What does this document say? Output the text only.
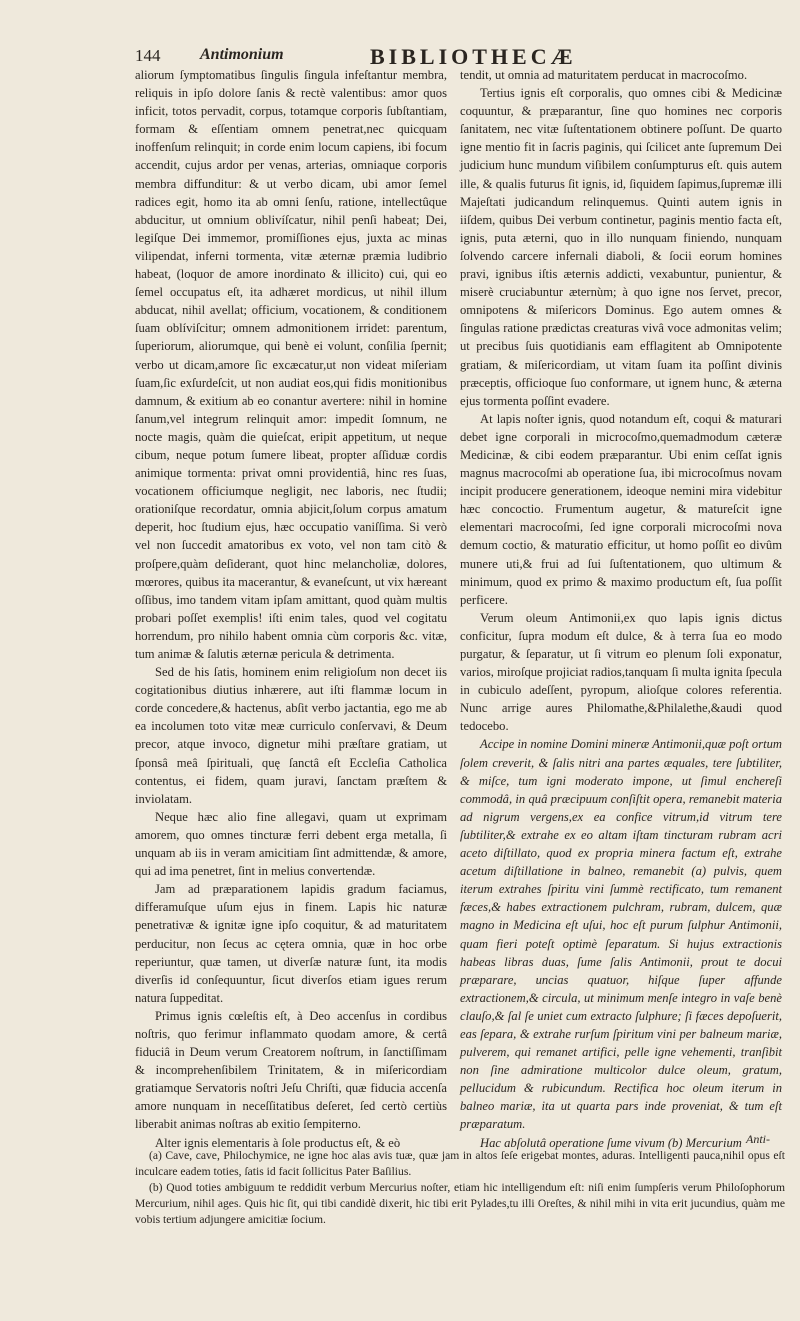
144 Antimonium	BIBLIOTHECÆ

aliorum ſymptomatibus ſingulis ſingula infeſtantur membra, reliquis in ipſo dolore ſanis & rectè valentibus: amor quos inficit, totos pervadit, corpus, totamque corporis ſubſtantiam, formam & eſſentiam omnem penetrat,nec quicquam inoffenſum relinquit; in corde enim locum capiens, ibi focum accendit, cujus ardor per venas, arterias, omniaque corporis membra diffunditur: & ut verbo dicam, ubi amor ſemel radices egit, homo ita ab omni ſenſu, ratione, intellectûque abducitur, ut omnium oblivíſcatur, nihil penſi habeat; Dei, legiſque Dei immemor, promiſſiones ejus, juxta ac minas vilipendat, inferni tormenta, vitæ æternæ præmia ludibrio habeat, (loquor de amore inordinato & illicito) cui, qui eo ſemel occupatus eſt, ita adhæret mordicus, ut nihil illum abducat, nihil avellat; officium, vocationem, & conditionem ſuam oblíviſcitur; omnem admonitionem irridet: parentum, ſuperiorum, aliorumque, qui benè ei volunt, conſilia ſpernit; verbo ut dicam,amore ſic excæcatur,ut non videat miſeriam ſuam,ſic exſurdeſcit, ut non audiat eos,qui fidis monitionibus damnum, & exitium ab eo conantur avertere: nihil in homine ſanum,vel integrum relinquit amor: impedit ſomnum, ne nocte magis, quàm die quieſcat, eripit appetitum, ut neque cibum, neque potum ſumere libeat, propter aſſiduæ cordis animique tormenta: privat omni providentiâ, hinc res ſuas, vocationem officiumque negligit, nec laboris, nec ſtudii; orationiſque recordatur, omnia abjicit,ſolum corpus amatum deperit, hoc ſtudium ejus, hæc occupatio vaniſſima. Si verò vel non ſuccedit amatoribus ex voto, vel non tam citò & proſpere,quàm deſiderant, quot hinc melancholiæ, dolores, mœrores, quibus ita macerantur, & evaneſcunt, ut vix hæreant oſſibus, imo tandem vitam ipſam amittant, quod quàm multis probari poſſet exemplis! iſti enim tales, quod vel cogitatu horrendum, pro nihilo habent omnia cùm corporis &c. vitæ, tum animæ & ſalutis æternæ pericula & detrimenta.

Sed de his ſatis, hominem enim religioſum non decet iis cogitationibus diutius inhærere, aut iſti flammæ locum in corde concedere,& hactenus, abſit verbo jactantia, ego me ab ea incolumen toto vitæ meæ curriculo conſervavi, & Deum precor, atque invoco, dignetur mihi præſtare gratiam, ut ſponsâ meâ ſpirituali, quę ſanctâ eſt Eccleſia Catholica contentus, ei fidem, quam juravi, ſanctam præſtem & inviolatam.

Neque hæc alio fine allegavi, quam ut exprimam amorem, quo omnes tincturæ ferri debent erga metalla, ſi unquam ab iis in veram amicitiam ſint admittendæ, & amore, qui ad ima penetret, ſint in melius convertendæ.

Jam ad præparationem lapidis gradum faciamus, differamuſque uſum ejus in finem. Lapis hic naturæ penetrativæ & ignitæ igne ipſo coquitur, & ad maturitatem perducitur, non ſecus ac cętera omnia, quæ in hoc orbe reperiuntur, quæ tamen, ut diverſæ naturæ ſunt, ita modis diverſis id conſequuntur, ſicut diverſos etiam igues rerum natura ſuppeditat.

Primus ignis cœleſtis eſt, à Deo accenſus in cordibus noſtris, quo ferimur inflammato quodam amore, & certâ fiduciâ in Deum verum Creatorem noſtrum, in ſanctiſſimam & incomprehenſibilem Trinitatem, & in miſericordiam gratiamque Servatoris noſtri Jeſu Chriſti, quæ fiducia accenſa amore nunquam in neceſſitatibus deſeret, ſed certò certiùs liberabit animas noſtras ab exitio ſempiterno.

Alter ignis elementaris à ſole productus eſt, & eò

tendit, ut omnia ad maturitatem perducat in macrocoſmo.

Tertius ignis eſt corporalis, quo omnes cibi & Medicinæ coquuntur, & præparantur, ſine quo homines nec corporis ſanitatem, nec vitæ ſuſtentationem obtinere poſſunt. De quarto igne mentio fit in ſacris paginis, qui ſcilicet ante ſupremum Dei judicium hunc mundum viſibilem conſumpturus eſt. quis autem ille, & qualis futurus ſit ignis, id, ſiquidem ſapimus,ſupremæ illi Majeſtati judicandum relinquemus. Quinti autem ignis in iiſdem, quibus Dei verbum continetur, paginis mentio facta eſt, ignis, puta æterni, quo in illo nunquam finiendo, nunquam ſolvendo carcere infernali diaboli, & ſocii eorum homines pravi, ignibus iſtis æternis addicti, vexabuntur, punientur, & miserè cruciabuntur æternùm; à quo igne nos ſervet, precor, omnipotens & miſericors Dominus. Ego autem omnes & ſingulas ratione prædictas creaturas vivâ voce admonitas velim; ut precibus ſuis quotidianis eam efflagitent ab Omnipotente gratiam, & miſericordiam, ut vitam ſuam ita poſſint divinis præceptis, officioque ſuo conformare, ut ignem hunc, & æterna ejus tormenta poſſint evadere.

At lapis noſter ignis, quod notandum eſt, coqui & maturari debet igne corporali in microcoſmo,quemadmodum cæteræ Medicinæ, & cibi eodem præparantur. Ubi enim ceſſat ignis magnus macrocoſmi ab operatione ſua, ibi microcoſmus novam incipit producere generationem, ideoque nemini mira videbitur hæc concoctio. Frumentum augetur, & matureſcit igne elementari macrocoſmi, ſed igne corporali microcoſmi nova demum coctio, & maturatio efficitur, ut homo poſſit eo divûm munere uti,& frui ad ſui ſuſtentationem, quo ultimum & minimum, quod ex primo & maximo productum eſt, ſua poſſit perficere.

Verum oleum Antimonii,ex quo lapis ignis dictus conficitur, ſupra modum eſt dulce, & à terra ſua eo modo purgatur, & ſeparatur, ut ſi vitrum eo plenum ſoli exponatur, varios, miroſque projiciat radios,tanquam ſi multa ignita ſpecula in cubiculo adeſſent, pyropum, alioſque colores referentia. Nunc arrige aures Philomathe,&Philalethe,&audi quod tedocebo.

Accipe in nomine Domini mineræ Antimonii,quæ poſt ortum ſolem creverit, & ſalis nitri ana partes æquales, tere ſubtiliter, & miſce, tum igni moderato impone, ut ſimul enchereſi commodâ, in quâ præcipuum conſiſtit opera, remanebit materia ad nigrum vergens,ex ea confice vitrum,id vitrum tere ſubtiliter,& extrahe ex eo altam iſtam tincturam rubram acri aceto diſtillato, quod ex propria minera factum eſt, extrahe acetum diſtillatione in balneo, remanebit (a) pulvis, quem iterum extrahes ſpiritu vini ſummè rectificato, tum remanent fæces,& habes extractionem pulchram, rubram, dulcem, quæ magno in Medicina eſt uſui, hoc eſt purum ſulphur Antimonii, quam fieri poteſt optimè ſeparatum. Si hujus extractionis habeas libras duas, ſume ſalis Antimonii, prout te docui præparare, uncias quatuor, hiſque ſuper affunde extractionem,& circula, ut minimum menſe integro in vaſe benè clauſo,& ſal ſe uniet cum extracto ſulphure; ſi fæces depoſuerit, eas ſepara, & extrahe rurſum ſpiritum vini per balneum mariæ, pulverem, qui remanet artifici, pelle igne vehementi, tranſibit non ſine admiratione multicolor dulce oleum, gratum, pellucidum & rubicundum. Rectifica hoc oleum iterum in balneo mariæ, ita ut quarta pars inde proveniat, & tum eſt præparatum.

Hac abſolutâ operatione ſume vivum (b) Mercurium Anti-

(a) Cave, cave, Philochymice, ne igne hoc alas avis tuæ, quæ jam in altos ſeſe erigebat montes, aduras. Intelligenti pauca,nihil opus eſt inculcare eadem toties, ſatis id facit ſollicitus Pater Baſilius.

(b) Quod toties ambiguum te reddidit verbum Mercurius noſter, etiam hic intelligendum eſt: niſi enim ſumpſeris verum Philoſophorum Mercurium, nihil ages. Quis hic ſit, qui tibi candidè dixerit, hic tibi erit Pylades,tu illi Oreſtes, & nihil mihi in vita erit jucundius, quàm me vobis tertium adjungere amicitiæ ſocium.
